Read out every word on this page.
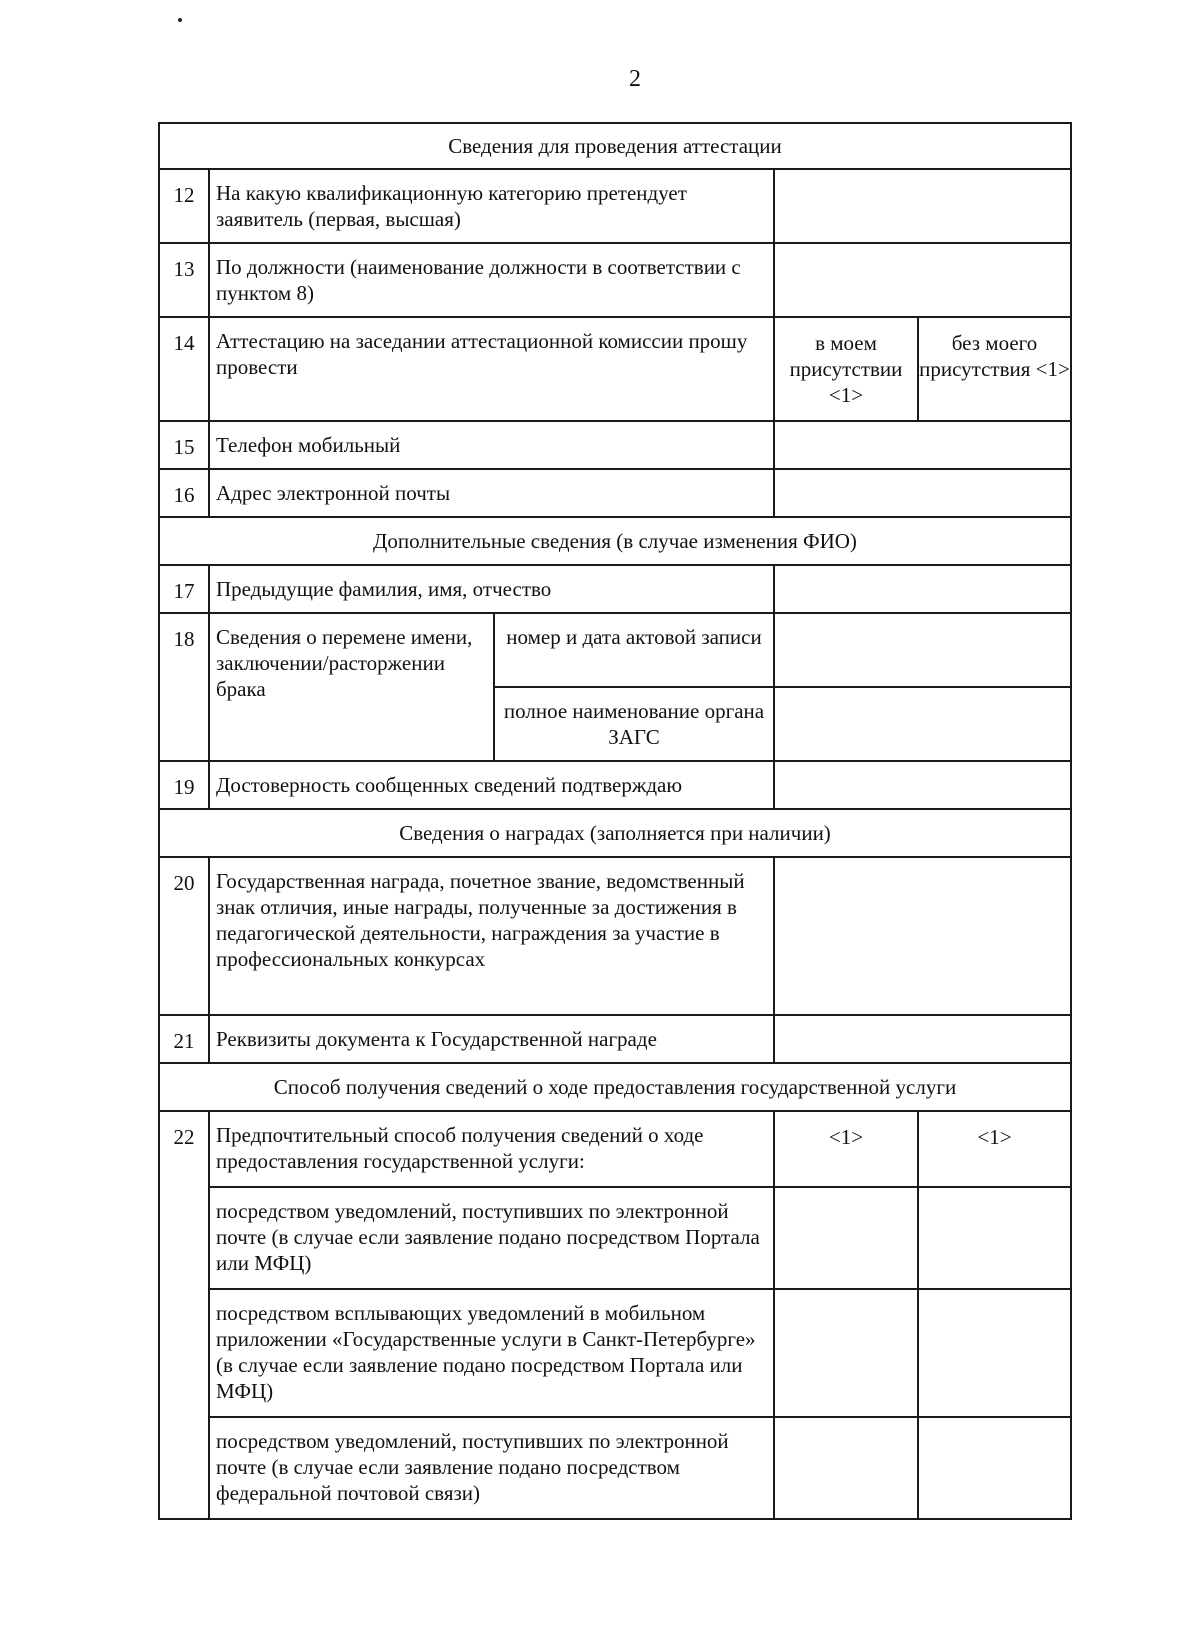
2
Сведения для проведения аттестации				
12	На какую квалификационную категорию претендует заявитель (первая, высшая)			
13	По должности (наименование должности в соответствии с пунктом 8)			
14	Аттестацию на заседании аттестационной комиссии прошу провести		в моем присутствии <1>	без моего присутствия <1>
15	Телефон мобильный			
16	Адрес электронной почты			
Дополнительные сведения (в случае изменения ФИО)				
17	Предыдущие фамилия, имя, отчество			
18	Сведения о перемене имени, заключении/расторжении брака	номер и дата актовой записи		
		полное наименование органа ЗАГС		
19	Достоверность сообщенных сведений подтверждаю			
Сведения о наградах (заполняется при наличии)				
20	Государственная награда, почетное звание, ведомственный знак отличия, иные награды, полученные за достижения в педагогической деятельности, награждения за участие в профессиональных конкурсах			
21	Реквизиты документа к Государственной награде			
Способ получения сведений о ходе предоставления государственной услуги				
22	Предпочтительный способ получения сведений о ходе предоставления государственной услуги:		<1>	<1>
	посредством уведомлений, поступивших по электронной почте (в случае если заявление подано посредством Портала или МФЦ)			
	посредством всплывающих уведомлений в мобильном приложении «Государственные услуги в Санкт-Петербурге» (в случае если заявление подано посредством Портала или МФЦ)			
	посредством уведомлений, поступивших по электронной почте (в случае если заявление подано посредством федеральной почтовой связи)			
